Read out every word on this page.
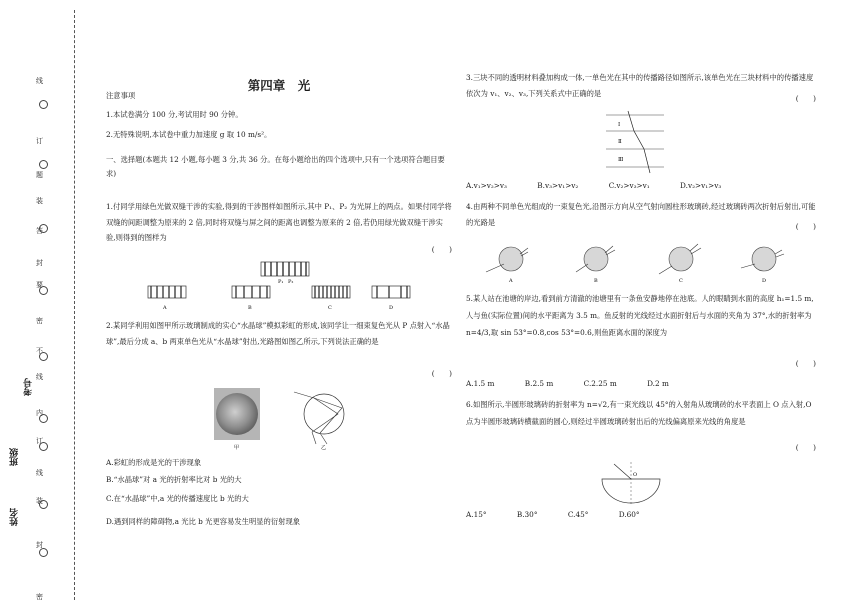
线
订
题
装
答
封
要
密
不
线
内
订
线
装
封
密
考号
班级
姓名
第四章　光

注意事项

1.本试卷满分 100 分,考试用时 90 分钟。

2.无特殊说明,本试卷中重力加速度 g 取 10 m/s²。

一、选择题(本题共 12 小题,每小题 3 分,共 36 分。在每小题给出的四个选项中,只有一个选项符合题目要求)

1.付同学用绿色光做双缝干涉的实验,得到的干涉图样如图所示,其中 P₁、P₂ 为光屏上的两点。如果付同学将双缝的间距调整为原来的 2 倍,同时将双缝与屏之间的距离也调整为原来的 2 倍,若仍用绿光做双缝干涉实验,则得到的图样为

(　　)
P₁ P₂
A	B	C	D

2.某同学利用如图甲所示玻璃制成的实心“水晶球”模拟彩虹的形成,该同学让一细束复色光从 P 点射入“水晶球”,最后分成 a、b 两束单色光从“水晶球”射出,光路图如图乙所示,下列说法正确的是

(　　)
甲	乙

A.彩虹的形成是光的干涉现象

B.“水晶球”对 a 光的折射率比对 b 光的大

C.在“水晶球”中,a 光的传播速度比 b 光的大

D.遇到同样的障碍物,a 光比 b 光更容易发生明显的衍射现象

3.三块不同的透明材料叠加构成一体,一单色光在其中的传播路径如图所示,该单色光在三块材料中的传播速度依次为 v₁、v₂、v₃,下列关系式中正确的是

(　　)
Ⅰ
Ⅱ
Ⅲ

A.v₁>v₂>v₃	B.v₃>v₁>v₂	C.v₂>v₃>v₁	D.v₂>v₁>v₃

4.由两种不同单色光组成的一束复色光,沿图示方向从空气射向圆柱形玻璃砖,经过玻璃砖两次折射后射出,可能的光路是	(　　)
A	B	C	D

5.某人站在池塘的岸边,看到前方清澈的池塘里有一条鱼安静地停在池底。人的眼睛到水面的高度 h₁=1.5 m,人与鱼(实际位置)间的水平距离为 3.5 m。鱼反射的光线经过水面折射后与水面的夹角为 37°,水的折射率为 n=4/3,取 sin 53°=0.8,cos 53°=0.6,则鱼距离水面的深度为

(　　)

A.1.5 m	B.2.5 m	C.2.25 m	D.2 m

6.如图所示,半圆形玻璃砖的折射率为 n=√2,有一束光线以 45°的入射角从玻璃砖的水平表面上 O 点入射,O 点为半圆形玻璃砖横截面的圆心,则经过半圆玻璃砖射出后的光线偏离原来光线的角度是

(　　)
O

A.15°	B.30°	C.45°	D.60°
